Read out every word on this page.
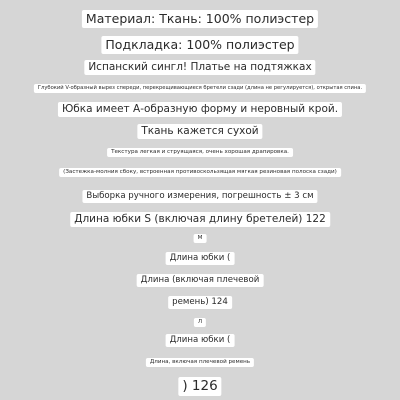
Материал: Ткань: 100% полиэстер
Подкладка: 100% полиэстер
Испанский сингл! Платье на подтяжках
Глубокий V-образный вырез спереди, перекрещивающиеся бретели сзади (длина не регулируется), открытая спина.
Юбка имеет А-образную форму и неровный крой.
Ткань кажется сухой
Текстура легкая и струящаяся, очень хорошая драпировка.
(Застежка-молния сбоку, встроенная противоскользящая мягкая резиновая полоска сзади)
Выборка ручного измерения, погрешность ± 3 см
Длина юбки S (включая длину бретелей) 122
М
Длина юбки (
Длина (включая плечевой
ремень) 124
Л
Длина юбки (
Длина, включая плечевой ремень
) 126
